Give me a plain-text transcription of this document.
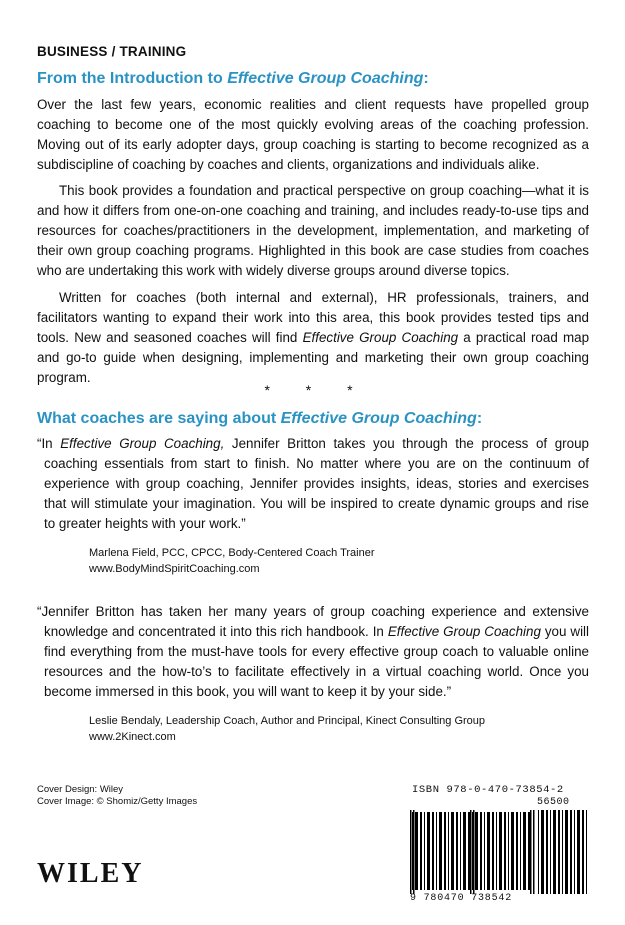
BUSINESS / TRAINING
From the Introduction to Effective Group Coaching:

Over the last few years, economic realities and client requests have propelled group coaching to become one of the most quickly evolving areas of the coaching profession. Moving out of its early adopter days, group coaching is starting to become recognized as a subdiscipline of coaching by coaches and clients, organizations and individuals alike.

This book provides a foundation and practical perspective on group coaching—what it is and how it differs from one-on-one coaching and training, and includes ready-to-use tips and resources for coaches/practitioners in the development, implementation, and marketing of their own group coaching programs. Highlighted in this book are case studies from coaches who are undertaking this work with widely diverse groups around diverse topics.

Written for coaches (both internal and external), HR professionals, trainers, and facilitators wanting to expand their work into this area, this book provides tested tips and tools. New and seasoned coaches will find Effective Group Coaching a practical road map and go-to guide when designing, implementing and marketing their own group coaching program.

* * *
What coaches are saying about Effective Group Coaching:

“In Effective Group Coaching, Jennifer Britton takes you through the process of group coaching essentials from start to finish. No matter where you are on the continuum of experience with group coaching, Jennifer provides insights, ideas, stories and exercises that will stimulate your imagination. You will be inspired to create dynamic groups and rise to greater heights with your work.”

Marlena Field, PCC, CPCC, Body-Centered Coach Trainer
www.BodyMindSpiritCoaching.com

“Jennifer Britton has taken her many years of group coaching experience and extensive knowledge and concentrated it into this rich handbook. In Effective Group Coaching you will find everything from the must-have tools for every effective group coach to valuable online resources and the how-to’s to facilitate effectively in a virtual coaching world. Once you become immersed in this book, you will want to keep it by your side.”

Leslie Bendaly, Leadership Coach, Author and Principal, Kinect Consulting Group
www.2Kinect.com
Cover Design: Wiley
Cover Image: © Shomiz/Getty Images
WILEY
ISBN 978-0-470-73854-2
56500
9 780470 738542
